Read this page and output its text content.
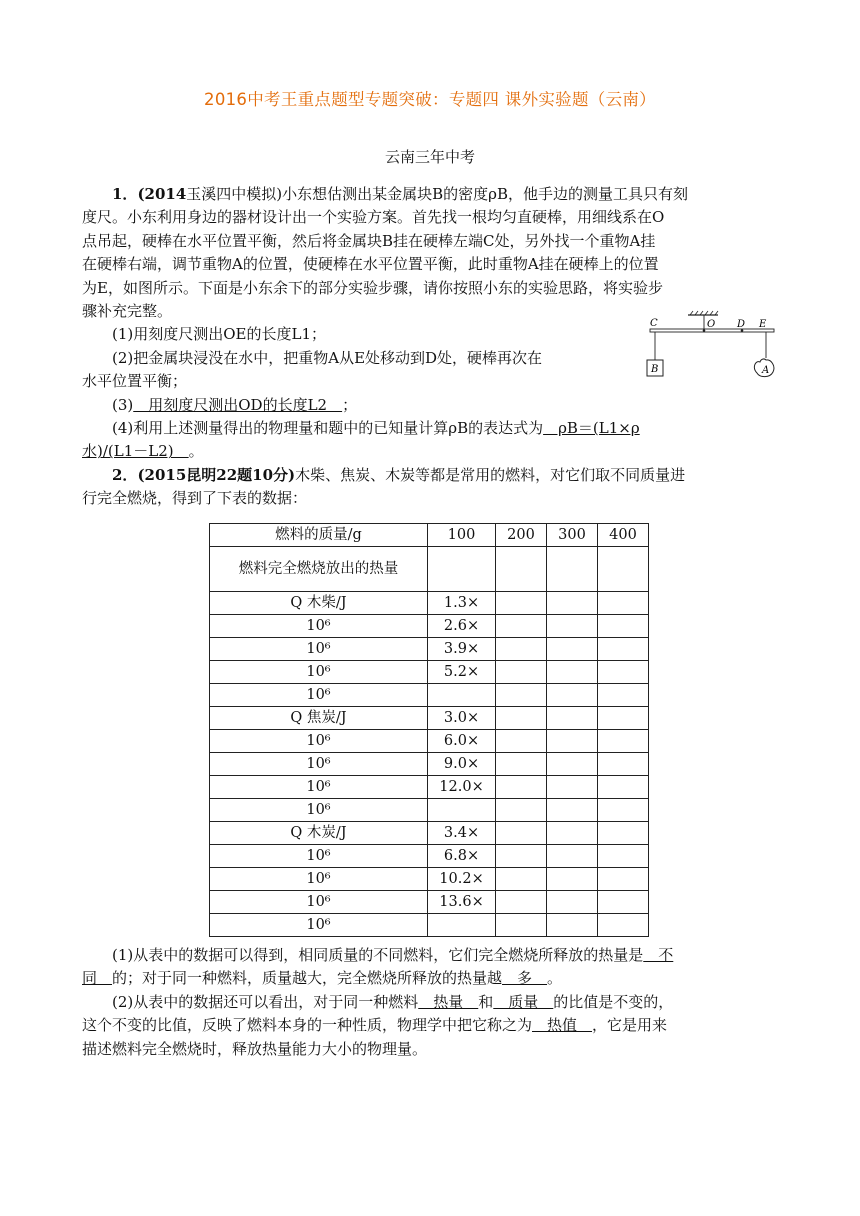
2016中考王重点题型专题突破：专题四 课外实验题（云南）
云南三年中考

1．(2014玉溪四中模拟)小东想估测出某金属块B的密度ρB，他手边的测量工具只有刻

度尺。小东利用身边的器材设计出一个实验方案。首先找一根均匀直硬棒，用细线系在O

点吊起，硬棒在水平位置平衡，然后将金属块B挂在硬棒左端C处，另外找一个重物A挂

在硬棒右端，调节重物A的位置，使硬棒在水平位置平衡，此时重物A挂在硬棒上的位置

为E，如图所示。下面是小东余下的部分实验步骤，请你按照小东的实验思路，将实验步

骤补充完整。

(1)用刻度尺测出OE的长度L1；

(2)把金属块浸没在水中，把重物A从E处移动到D处，硬棒再次在

水平位置平衡；

(3)　用刻度尺测出OD的长度L2　；

(4)利用上述测量得出的物理量和题中的已知量计算ρB的表达式为　ρB＝(L1×ρ

水)/(L1－L2)　。

2．(2015昆明22题10分)木柴、焦炭、木炭等都是常用的燃料，对它们取不同质量进

行完全燃烧，得到了下表的数据：

C	O D E
B	A
燃料的质量/g	100	200	300	400
燃料完全燃烧放出的热量				
Q 木柴/J	1.3×			
10⁶	2.6×			
10⁶	3.9×			
10⁶	5.2×			
10⁶				
Q 焦炭/J	3.0×			
10⁶	6.0×			
10⁶	9.0×			
10⁶	12.0×			
10⁶				
Q 木炭/J	3.4×			
10⁶	6.8×			
10⁶	10.2×			
10⁶	13.6×			
10⁶				

(1)从表中的数据可以得到，相同质量的不同燃料，它们完全燃烧所释放的热量是　不

同　的；对于同一种燃料，质量越大，完全燃烧所释放的热量越　多　。

(2)从表中的数据还可以看出，对于同一种燃料　热量　和　质量　的比值是不变的，

这个不变的比值，反映了燃料本身的一种性质，物理学中把它称之为　热值　，它是用来

描述燃料完全燃烧时，释放热量能力大小的物理量。
